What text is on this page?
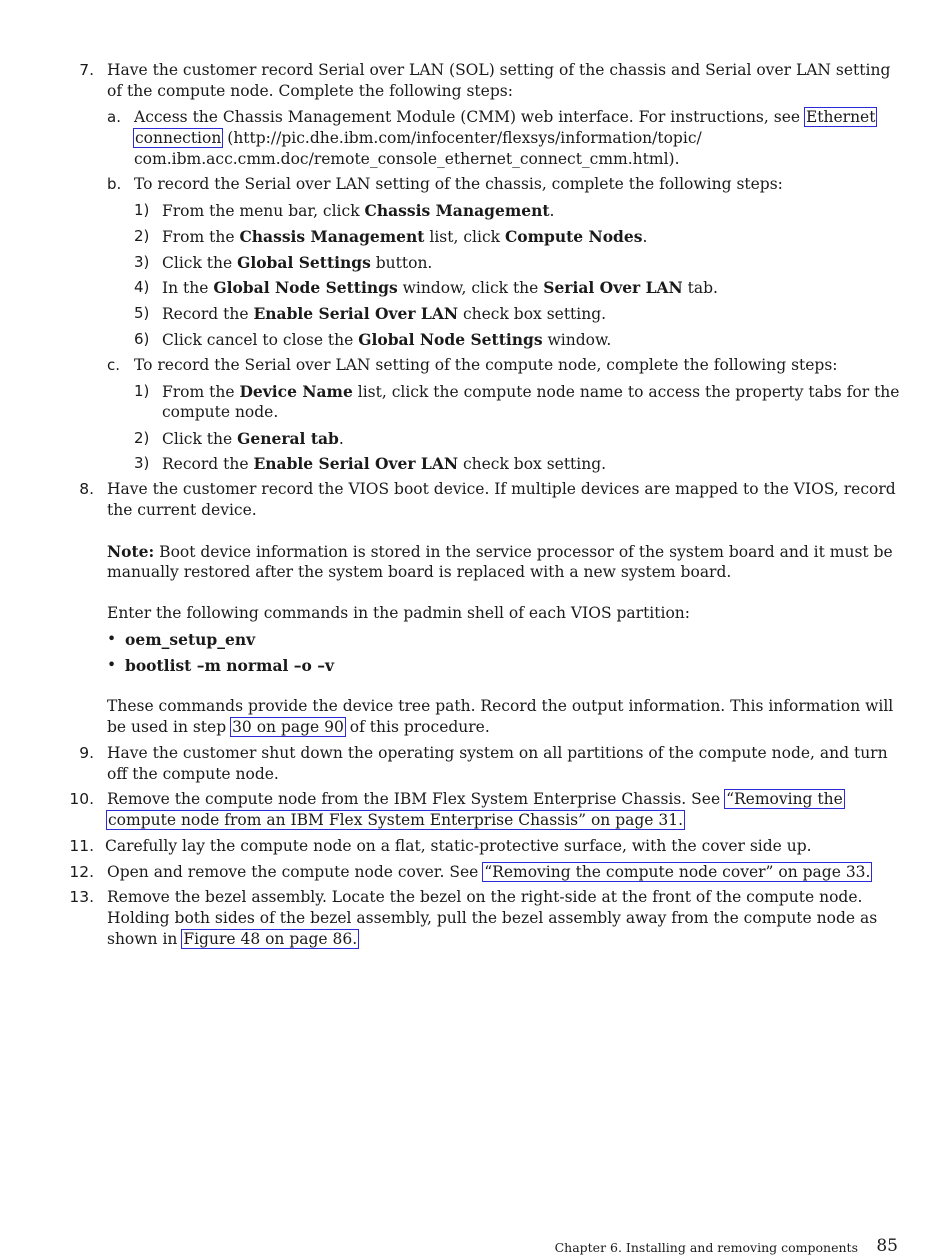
7. Have the customer record Serial over LAN (SOL) setting of the chassis and Serial over LAN setting
of the compute node. Complete the following steps:
a. Access the Chassis Management Module (CMM) web interface. For instructions, see Ethernet
connection (http://pic.dhe.ibm.com/infocenter/flexsys/information/topic/
com.ibm.acc.cmm.doc/remote_console_ethernet_connect_cmm.html).
b. To record the Serial over LAN setting of the chassis, complete the following steps:
1) From the menu bar, click Chassis Management.
2) From the Chassis Management list, click Compute Nodes.
3) Click the Global Settings button.
4) In the Global Node Settings window, click the Serial Over LAN tab.
5) Record the Enable Serial Over LAN check box setting.
6) Click cancel to close the Global Node Settings window.
c. To record the Serial over LAN setting of the compute node, complete the following steps:
1) From the Device Name list, click the compute node name to access the property tabs for the
compute node.
2) Click the General tab.
3) Record the Enable Serial Over LAN check box setting.
8. Have the customer record the VIOS boot device. If multiple devices are mapped to the VIOS, record
the current device.
Note: Boot device information is stored in the service processor of the system board and it must be
manually restored after the system board is replaced with a new system board.
Enter the following commands in the padmin shell of each VIOS partition:
• oem_setup_env
• bootlist –m normal –o –v
These commands provide the device tree path. Record the output information. This information will
be used in step 30 on page 90 of this procedure.
9. Have the customer shut down the operating system on all partitions of the compute node, and turn
off the compute node.
10. Remove the compute node from the IBM Flex System Enterprise Chassis. See “Removing the
compute node from an IBM Flex System Enterprise Chassis” on page 31.
11. Carefully lay the compute node on a flat, static-protective surface, with the cover side up.
12. Open and remove the compute node cover. See “Removing the compute node cover” on page 33.
13. Remove the bezel assembly. Locate the bezel on the right-side at the front of the compute node.
Holding both sides of the bezel assembly, pull the bezel assembly away from the compute node as
shown in Figure 48 on page 86.
Chapter 6. Installing and removing components 85
